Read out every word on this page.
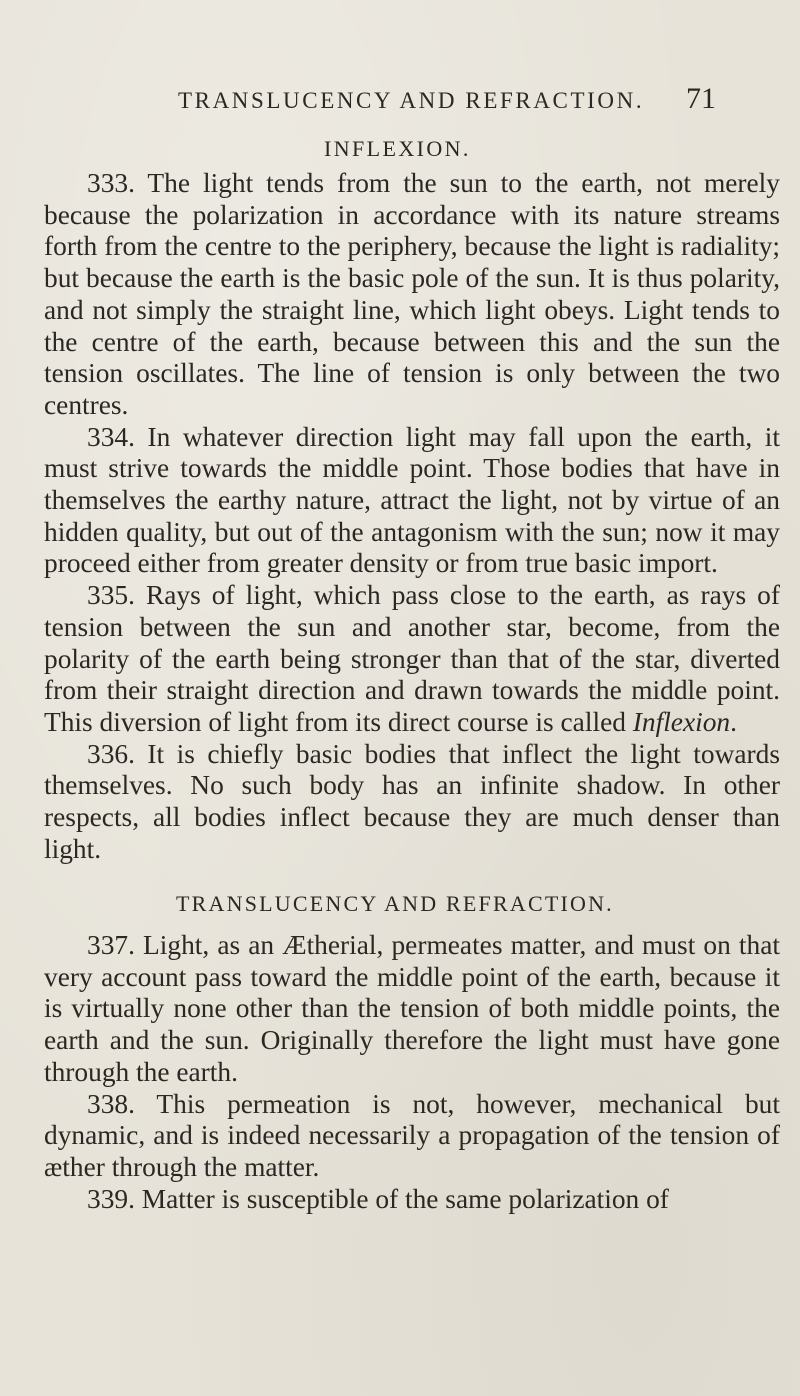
TRANSLUCENCY AND REFRACTION. 71
INFLEXION.

333. The light tends from the sun to the earth, not merely because the polarization in accordance with its nature streams forth from the centre to the periphery, because the light is radiality; but because the earth is the basic pole of the sun. It is thus polarity, and not simply the straight line, which light obeys. Light tends to the centre of the earth, because between this and the sun the tension oscillates. The line of tension is only between the two centres.

334. In whatever direction light may fall upon the earth, it must strive towards the middle point. Those bodies that have in themselves the earthy nature, attract the light, not by virtue of an hidden quality, but out of the antagonism with the sun; now it may proceed either from greater density or from true basic import.

335. Rays of light, which pass close to the earth, as rays of tension between the sun and another star, become, from the polarity of the earth being stronger than that of the star, diverted from their straight direction and drawn towards the middle point. This diversion of light from its direct course is called Inflexion.

336. It is chiefly basic bodies that inflect the light towards themselves. No such body has an infinite shadow. In other respects, all bodies inflect because they are much denser than light.

TRANSLUCENCY AND REFRACTION.

337. Light, as an Ætherial, permeates matter, and must on that very account pass toward the middle point of the earth, because it is virtually none other than the tension of both middle points, the earth and the sun. Originally therefore the light must have gone through the earth.

338. This permeation is not, however, mechanical but dynamic, and is indeed necessarily a propagation of the tension of æther through the matter.

339. Matter is susceptible of the same polarization of
